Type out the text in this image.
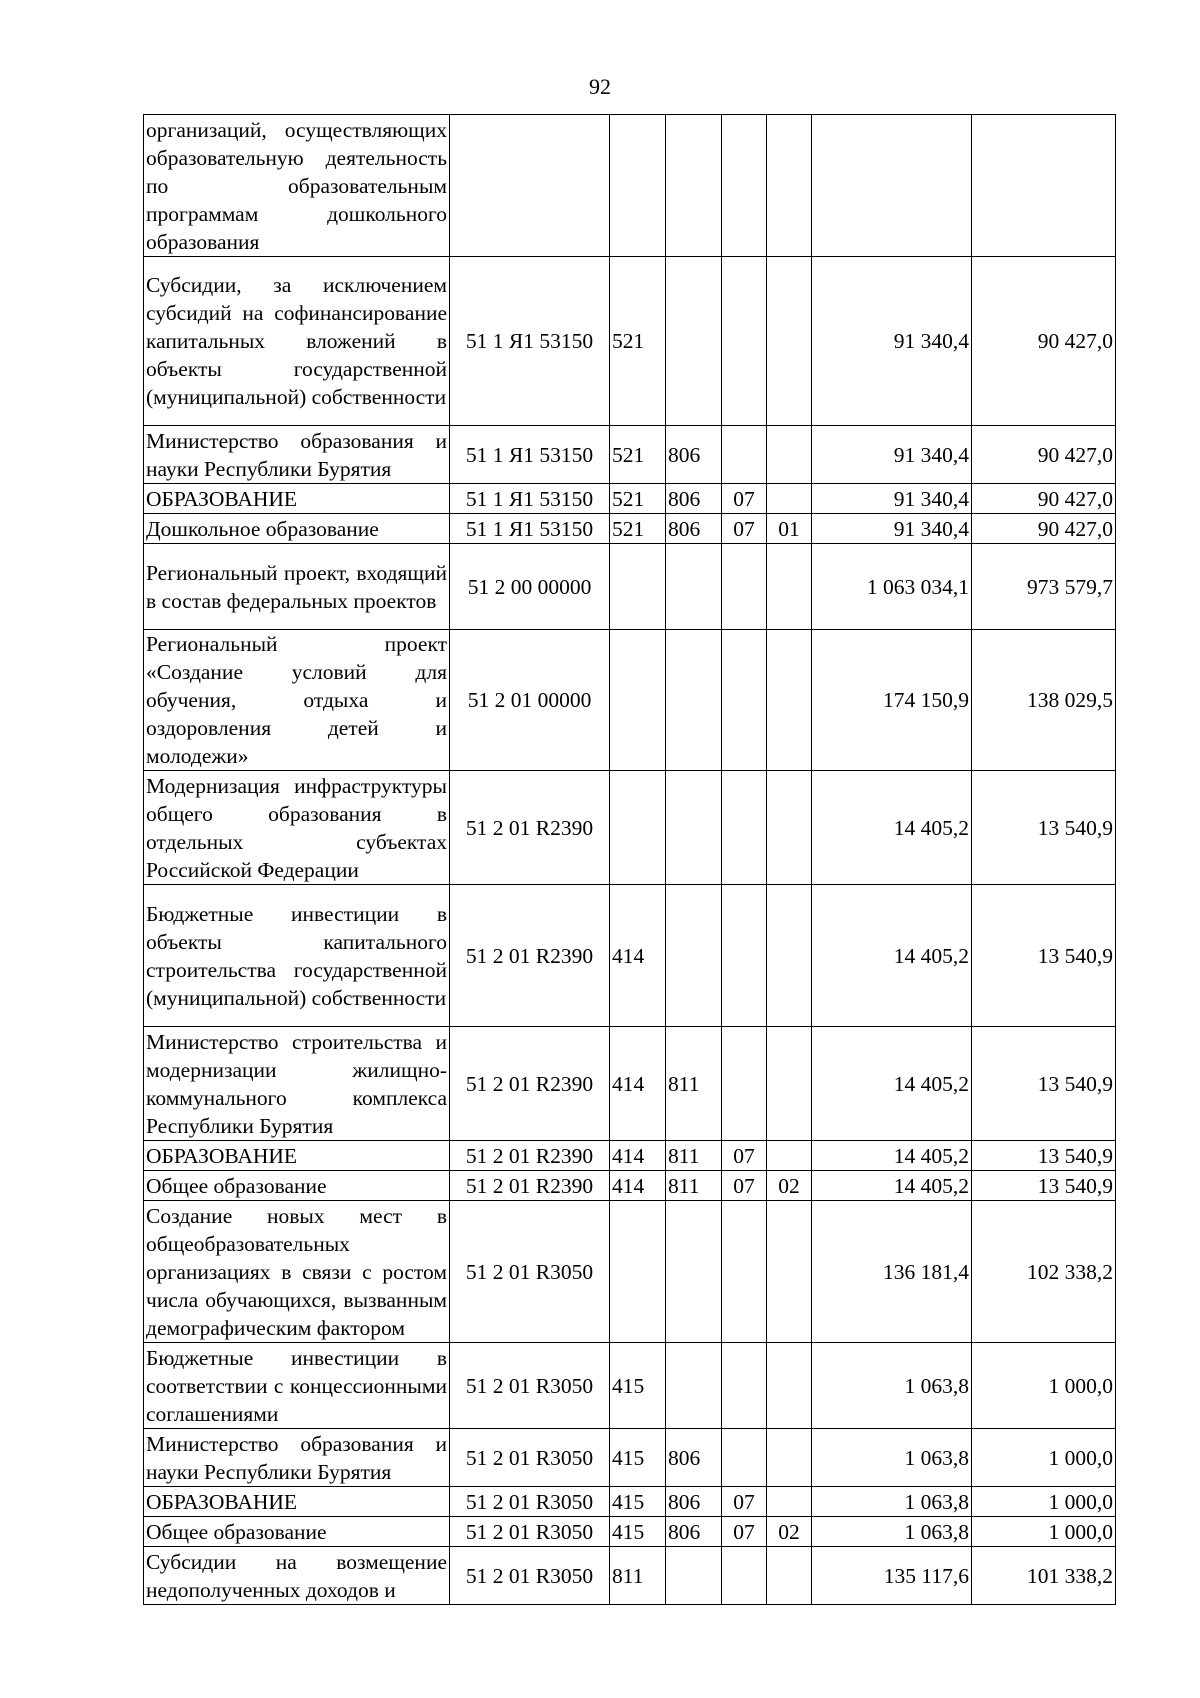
92
организаций, осуществляющих образовательную деятельность по образовательным программам дошкольного образования							
Субсидии, за исключением субсидий на софинансирование капитальных вложений в объекты государственной (муниципальной) собственности	51 1 Я1 53150	521				91 340,4	90 427,0
Министерство образования и науки Республики Бурятия	51 1 Я1 53150	521	806			91 340,4	90 427,0
ОБРАЗОВАНИЕ	51 1 Я1 53150	521	806	07		91 340,4	90 427,0
Дошкольное образование	51 1 Я1 53150	521	806	07	01	91 340,4	90 427,0
Региональный проект, входящий в состав федеральных проектов	51 2 00 00000					1 063 034,1	973 579,7
Региональный проект «Создание условий для обучения, отдыха и оздоровления детей и молодежи»	51 2 01 00000					174 150,9	138 029,5
Модернизация инфраструктуры общего образования в отдельных субъектах Российской Федерации	51 2 01 R2390					14 405,2	13 540,9
Бюджетные инвестиции в объекты капитального строительства государственной (муниципальной) собственности	51 2 01 R2390	414				14 405,2	13 540,9
Министерство строительства и модернизации жилищно-коммунального комплекса Республики Бурятия	51 2 01 R2390	414	811			14 405,2	13 540,9
ОБРАЗОВАНИЕ	51 2 01 R2390	414	811	07		14 405,2	13 540,9
Общее образование	51 2 01 R2390	414	811	07	02	14 405,2	13 540,9
Создание новых мест в общеобразовательных организациях в связи с ростом числа обучающихся, вызванным демографическим фактором	51 2 01 R3050					136 181,4	102 338,2
Бюджетные инвестиции в соответствии с концессионными соглашениями	51 2 01 R3050	415				1 063,8	1 000,0
Министерство образования и науки Республики Бурятия	51 2 01 R3050	415	806			1 063,8	1 000,0
ОБРАЗОВАНИЕ	51 2 01 R3050	415	806	07		1 063,8	1 000,0
Общее образование	51 2 01 R3050	415	806	07	02	1 063,8	1 000,0
Субсидии на возмещение недополученных доходов и	51 2 01 R3050	811				135 117,6	101 338,2
